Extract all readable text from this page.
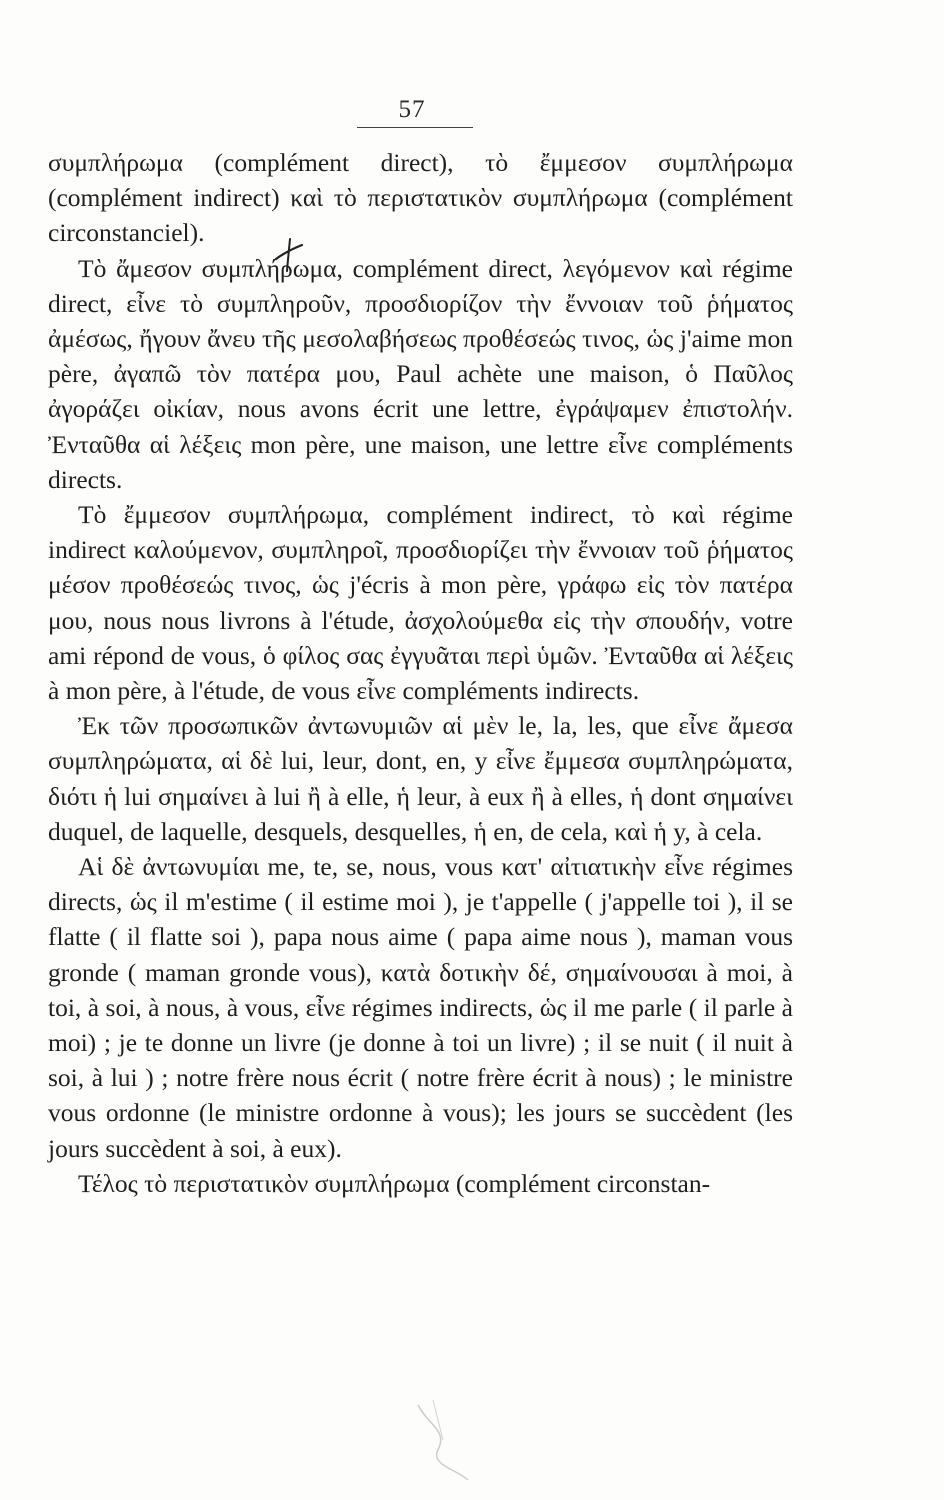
57

συμπλήρωμα (complément direct), τὸ ἔμμεσον συμπλήρωμα (complément indirect) καὶ τὸ περιστατικὸν συμπλήρωμα (complément circonstanciel).

Τὸ ἄμεσον συμπλήρωμα, complément direct, λεγόμενον καὶ régime direct, εἶνε τὸ συμπληροῦν, προσδιορίζον τὴν ἔννοιαν τοῦ ῥήματος ἀμέσως, ἤγουν ἄνευ τῆς μεσολαβήσεως προθέσεώς τινος, ὡς j'aime mon père, ἀγαπῶ τὸν πατέρα μου, Paul achète une maison, ὁ Παῦλος ἀγοράζει οἰκίαν, nous avons écrit une lettre, ἐγράψαμεν ἐπιστολήν. Ἐνταῦθα αἱ λέξεις mon père, une maison, une lettre εἶνε compléments directs.

Τὸ ἔμμεσον συμπλήρωμα, complément indirect, τὸ καὶ régime indirect καλούμενον, συμπληροῖ, προσδιορίζει τὴν ἔννοιαν τοῦ ῥήματος μέσον προθέσεώς τινος, ὡς j'écris à mon père, γράφω εἰς τὸν πατέρα μου, nous nous livrons à l'étude, ἀσχολούμεθα εἰς τὴν σπουδήν, votre ami répond de vous, ὁ φίλος σας ἐγγυᾶται περὶ ὑμῶν. Ἐνταῦθα αἱ λέξεις à mon père, à l'étude, de vous εἶνε compléments indirects.

Ἐκ τῶν προσωπικῶν ἀντωνυμιῶν αἱ μὲν le, la, les, que εἶνε ἄμεσα συμπληρώματα, αἱ δὲ lui, leur, dont, en, y εἶνε ἔμμεσα συμπληρώματα, διότι ἡ lui σημαίνει à lui ἢ à elle, ἡ leur, à eux ἢ à elles, ἡ dont σημαίνει duquel, de laquelle, desquels, desquelles, ἡ en, de cela, καὶ ἡ y, à cela.

Αἱ δὲ ἀντωνυμίαι me, te, se, nous, vous κατ' αἰτιατικὴν εἶνε régimes directs, ὡς il m'estime ( il estime moi ), je t'appelle ( j'appelle toi ), il se flatte ( il flatte soi ), papa nous aime ( papa aime nous ), maman vous gronde ( maman gronde vous), κατὰ δοτικὴν δέ, σημαίνουσαι à moi, à toi, à soi, à nous, à vous, εἶνε régimes indirects, ὡς il me parle ( il parle à moi) ; je te donne un livre (je donne à toi un livre) ; il se nuit ( il nuit à soi, à lui ) ; notre frère nous écrit ( notre frère écrit à nous) ; le ministre vous ordonne (le ministre ordonne à vous); les jours se succèdent (les jours succèdent à soi, à eux).

Τέλος τὸ περιστατικὸν συμπλήρωμα (complément circonstan-
